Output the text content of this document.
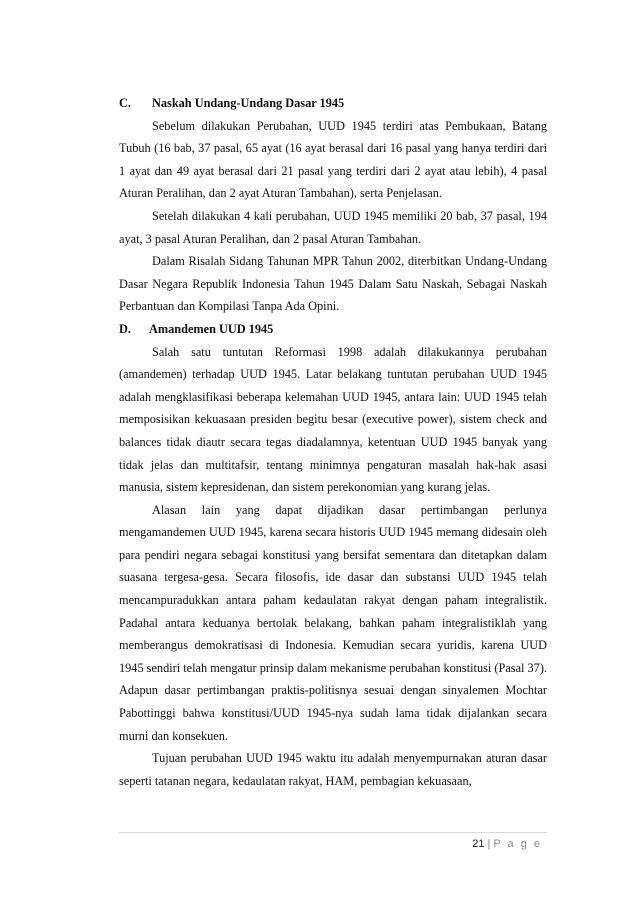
C. Naskah Undang-Undang Dasar 1945

Sebelum dilakukan Perubahan, UUD 1945 terdiri atas Pembukaan, Batang Tubuh (16 bab, 37 pasal, 65 ayat (16 ayat berasal dari 16 pasal yang hanya terdiri dari 1 ayat dan 49 ayat berasal dari 21 pasal yang terdiri dari 2 ayat atau lebih), 4 pasal Aturan Peralihan, dan 2 ayat Aturan Tambahan), serta Penjelasan.

Setelah dilakukan 4 kali perubahan, UUD 1945 memiliki 20 bab, 37 pasal, 194 ayat, 3 pasal Aturan Peralihan, dan 2 pasal Aturan Tambahan.

Dalam Risalah Sidang Tahunan MPR Tahun 2002, diterbitkan Undang-Undang Dasar Negara Republik Indonesia Tahun 1945 Dalam Satu Naskah, Sebagai Naskah Perbantuan dan Kompilasi Tanpa Ada Opini.

D. Amandemen UUD 1945

Salah satu tuntutan Reformasi 1998 adalah dilakukannya perubahan (amandemen) terhadap UUD 1945. Latar belakang tuntutan perubahan UUD 1945 adalah mengklasifikasi beberapa kelemahan UUD 1945, antara lain: UUD 1945 telah memposisikan kekuasaan presiden begitu besar (executive power), sistem check and balances tidak diautr secara tegas diadalamnya, ketentuan UUD 1945 banyak yang tidak jelas dan multitafsir, tentang minimnya pengaturan masalah hak-hak asasi manusia, sistem kepresidenan, dan sistem perekonomian yang kurang jelas.

Alasan lain yang dapat dijadikan dasar pertimbangan perlunya mengamandemen UUD 1945, karena secara historis UUD 1945 memang didesain oleh para pendiri negara sebagai konstitusi yang bersifat sementara dan ditetapkan dalam suasana tergesa-gesa. Secara filosofis, ide dasar dan substansi UUD 1945 telah mencampuradukkan antara paham kedaulatan rakyat dengan paham integralistik. Padahal antara keduanya bertolak belakang, bahkan paham integralistiklah yang memberangus demokratisasi di Indonesia. Kemudian secara yuridis, karena UUD 1945 sendiri telah mengatur prinsip dalam mekanisme perubahan konstitusi (Pasal 37). Adapun dasar pertimbangan praktis-politisnya sesuai dengan sinyalemen Mochtar Pabottinggi bahwa konstitusi/UUD 1945-nya sudah lama tidak dijalankan secara murni dan konsekuen.

Tujuan perubahan UUD 1945 waktu itu adalah menyempurnakan aturan dasar seperti tatanan negara, kedaulatan rakyat, HAM, pembagian kekuasaan,

21 | P a g e
